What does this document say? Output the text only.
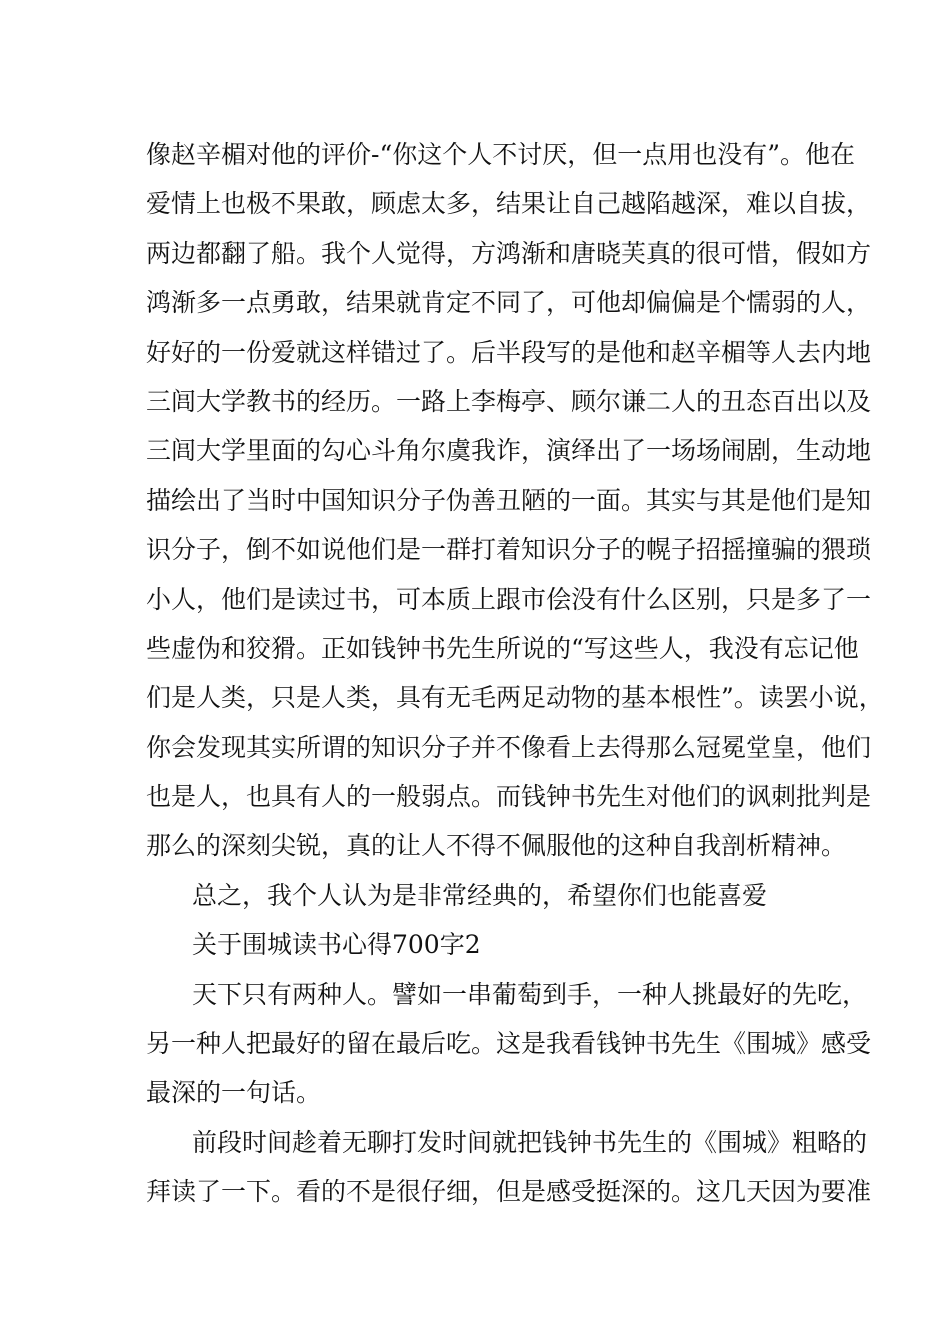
像赵辛楣对他的评价-“你这个人不讨厌，但一点用也没有”。他在
爱情上也极不果敢，顾虑太多，结果让自己越陷越深，难以自拔，
两边都翻了船。我个人觉得，方鸿渐和唐晓芙真的很可惜，假如方
鸿渐多一点勇敢，结果就肯定不同了，可他却偏偏是个懦弱的人，
好好的一份爱就这样错过了。后半段写的是他和赵辛楣等人去内地
三闾大学教书的经历。一路上李梅亭、顾尔谦二人的丑态百出以及
三闾大学里面的勾心斗角尔虞我诈，演绎出了一场场闹剧，生动地
描绘出了当时中国知识分子伪善丑陋的一面。其实与其是他们是知
识分子，倒不如说他们是一群打着知识分子的幌子招摇撞骗的猥琐
小人，他们是读过书，可本质上跟市侩没有什么区别，只是多了一
些虚伪和狡猾。正如钱钟书先生所说的“写这些人，我没有忘记他
们是人类，只是人类，具有无毛两足动物的基本根性”。读罢小说，
你会发现其实所谓的知识分子并不像看上去得那么冠冕堂皇，他们
也是人，也具有人的一般弱点。而钱钟书先生对他们的讽刺批判是
那么的深刻尖锐，真的让人不得不佩服他的这种自我剖析精神。
总之，我个人认为是非常经典的，希望你们也能喜爱
关于围城读书心得700字2
天下只有两种人。譬如一串葡萄到手，一种人挑最好的先吃，
另一种人把最好的留在最后吃。这是我看钱钟书先生《围城》感受
最深的一句话。
前段时间趁着无聊打发时间就把钱钟书先生的《围城》粗略的
拜读了一下。看的不是很仔细，但是感受挺深的。这几天因为要准
